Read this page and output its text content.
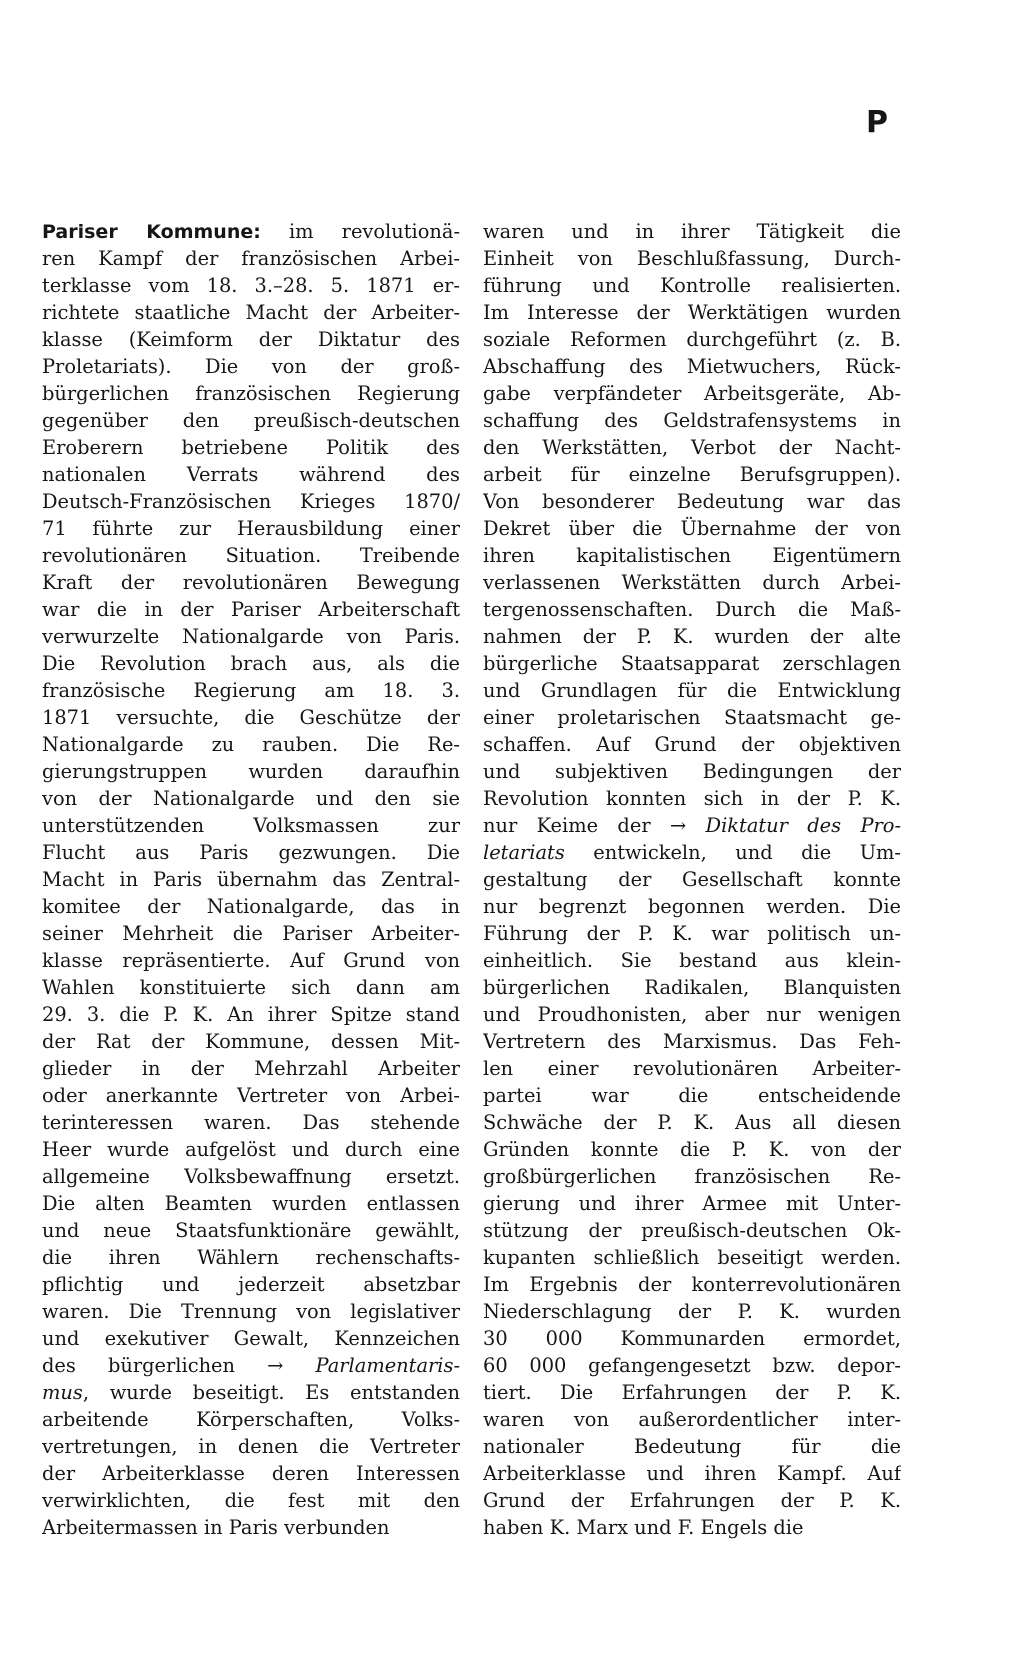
P
Pariser Kommune: im revolutionä-
ren Kampf der französischen Arbei-
terklasse vom 18. 3.–28. 5. 1871 er-
richtete staatliche Macht der Arbeiter-
klasse (Keimform der Diktatur des
Proletariats). Die von der groß-
bürgerlichen französischen Regierung
gegenüber den preußisch-deutschen
Eroberern betriebene Politik des
nationalen Verrats während des
Deutsch-Französischen Krieges 1870/
71 führte zur Herausbildung einer
revolutionären Situation. Treibende
Kraft der revolutionären Bewegung
war die in der Pariser Arbeiterschaft
verwurzelte Nationalgarde von Paris.
Die Revolution brach aus, als die
französische Regierung am 18. 3.
1871 versuchte, die Geschütze der
Nationalgarde zu rauben. Die Re-
gierungstruppen wurden daraufhin
von der Nationalgarde und den sie
unterstützenden Volksmassen zur
Flucht aus Paris gezwungen. Die
Macht in Paris übernahm das Zentral-
komitee der Nationalgarde, das in
seiner Mehrheit die Pariser Arbeiter-
klasse repräsentierte. Auf Grund von
Wahlen konstituierte sich dann am
29. 3. die P. K. An ihrer Spitze stand
der Rat der Kommune, dessen Mit-
glieder in der Mehrzahl Arbeiter
oder anerkannte Vertreter von Arbei-
terinteressen waren. Das stehende
Heer wurde aufgelöst und durch eine
allgemeine Volksbewaffnung ersetzt.
Die alten Beamten wurden entlassen
und neue Staatsfunktionäre gewählt,
die ihren Wählern rechenschafts-
pflichtig und jederzeit absetzbar
waren. Die Trennung von legislativer
und exekutiver Gewalt, Kennzeichen
des bürgerlichen → Parlamentaris-
mus, wurde beseitigt. Es entstanden
arbeitende Körperschaften, Volks-
vertretungen, in denen die Vertreter
der Arbeiterklasse deren Interessen
verwirklichten, die fest mit den
Arbeitermassen in Paris verbunden
waren und in ihrer Tätigkeit die
Einheit von Beschlußfassung, Durch-
führung und Kontrolle realisierten.
Im Interesse der Werktätigen wurden
soziale Reformen durchgeführt (z. B.
Abschaffung des Mietwuchers, Rück-
gabe verpfändeter Arbeitsgeräte, Ab-
schaffung des Geldstrafensystems in
den Werkstätten, Verbot der Nacht-
arbeit für einzelne Berufsgruppen).
Von besonderer Bedeutung war das
Dekret über die Übernahme der von
ihren kapitalistischen Eigentümern
verlassenen Werkstätten durch Arbei-
tergenossenschaften. Durch die Maß-
nahmen der P. K. wurden der alte
bürgerliche Staatsapparat zerschlagen
und Grundlagen für die Entwicklung
einer proletarischen Staatsmacht ge-
schaffen. Auf Grund der objektiven
und subjektiven Bedingungen der
Revolution konnten sich in der P. K.
nur Keime der → Diktatur des Pro-
letariats entwickeln, und die Um-
gestaltung der Gesellschaft konnte
nur begrenzt begonnen werden. Die
Führung der P. K. war politisch un-
einheitlich. Sie bestand aus klein-
bürgerlichen Radikalen, Blanquisten
und Proudhonisten, aber nur wenigen
Vertretern des Marxismus. Das Feh-
len einer revolutionären Arbeiter-
partei war die entscheidende
Schwäche der P. K. Aus all diesen
Gründen konnte die P. K. von der
großbürgerlichen französischen Re-
gierung und ihrer Armee mit Unter-
stützung der preußisch-deutschen Ok-
kupanten schließlich beseitigt werden.
Im Ergebnis der konterrevolutionären
Niederschlagung der P. K. wurden
30 000 Kommunarden ermordet,
60 000 gefangengesetzt bzw. depor-
tiert. Die Erfahrungen der P. K.
waren von außerordentlicher inter-
nationaler Bedeutung für die
Arbeiterklasse und ihren Kampf. Auf
Grund der Erfahrungen der P. K.
haben K. Marx und F. Engels die
